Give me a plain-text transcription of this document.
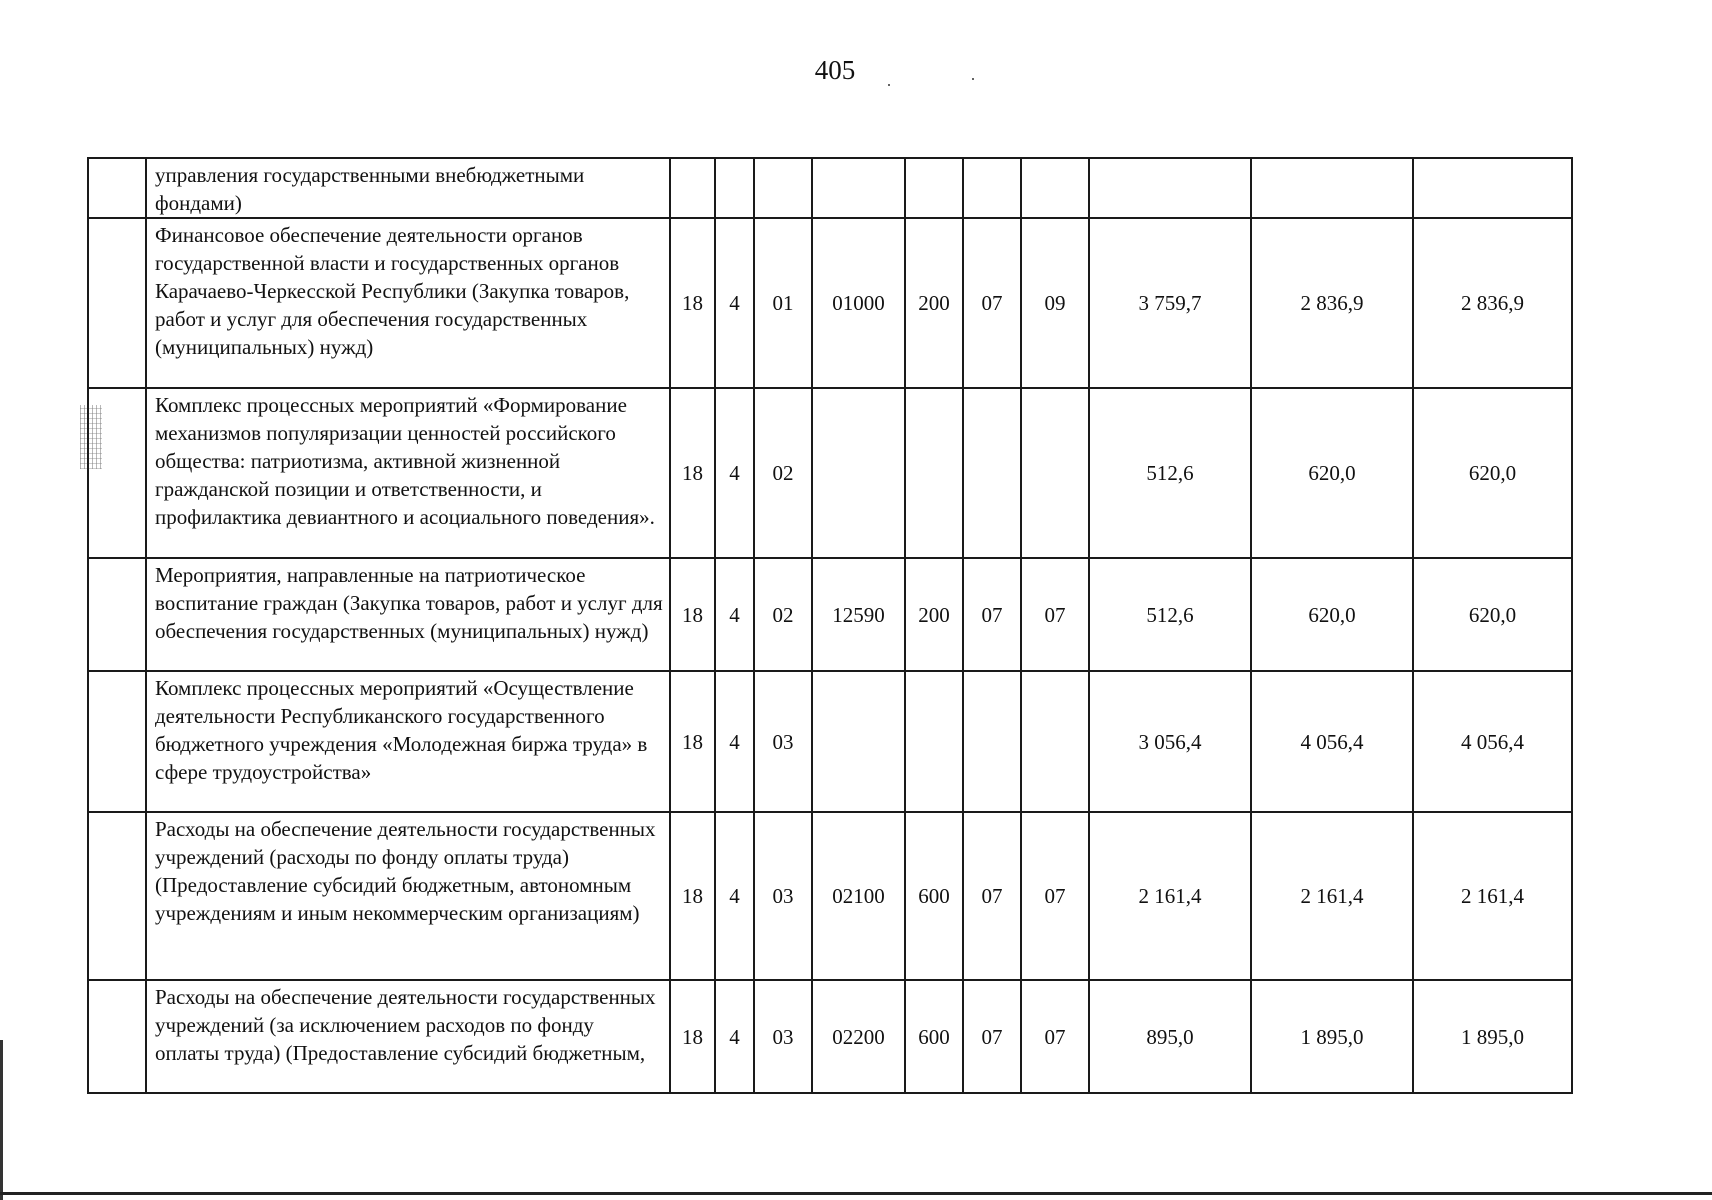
405
	управления государственными внебюджетными фондами)										
	Финансовое обеспечение деятельности органов государственной власти и государственных органов Карачаево-Черкесской Республики (Закупка товаров, работ и услуг для обеспечения государственных (муниципальных) нужд)	18	4	01	01000	200	07	09	3 759,7	2 836,9	2 836,9
	Комплекс процессных мероприятий «Формирование механизмов популяризации ценностей российского общества: патриотизма, активной жизненной гражданской позиции и ответственности, и профилактика девиантного и асоциального поведения».	18	4	02					512,6	620,0	620,0
	Мероприятия, направленные на патриотическое воспитание граждан (Закупка товаров, работ и услуг для обеспечения государственных (муниципальных) нужд)	18	4	02	12590	200	07	07	512,6	620,0	620,0
	Комплекс процессных мероприятий «Осуществление деятельности Республиканского государственного бюджетного учреждения «Молодежная биржа труда» в сфере трудоустройства»	18	4	03					3 056,4	4 056,4	4 056,4
	Расходы на обеспечение деятельности государственных учреждений (расходы по фонду оплаты труда) (Предоставление субсидий бюджетным, автономным учреждениям и иным некоммерческим организациям)	18	4	03	02100	600	07	07	2 161,4	2 161,4	2 161,4
	Расходы на обеспечение деятельности государственных учреждений (за исключением расходов по фонду оплаты труда) (Предоставление субсидий бюджетным,	18	4	03	02200	600	07	07	895,0	1 895,0	1 895,0
